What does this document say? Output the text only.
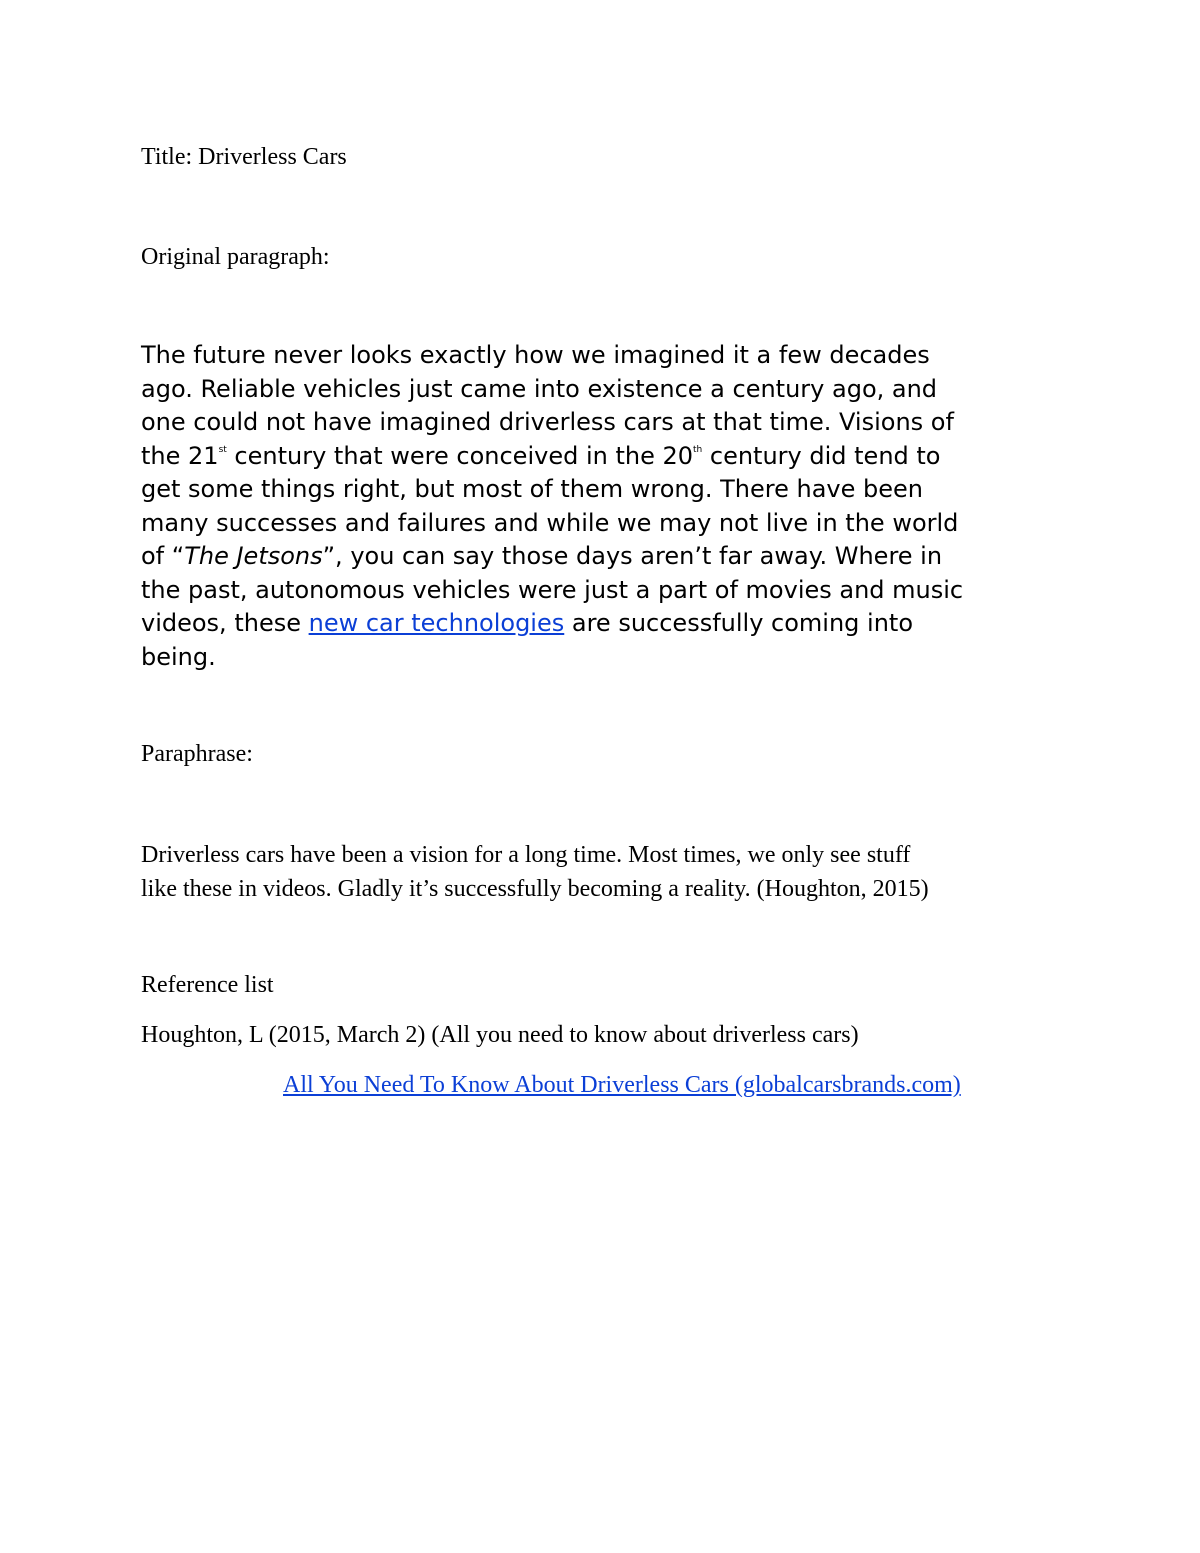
Title: Driverless Cars

Original paragraph:

The future never looks exactly how we imagined it a few decades
ago. Reliable vehicles just came into existence a century ago, and
one could not have imagined driverless cars at that time. Visions of
the 21st century that were conceived in the 20th century did tend to
get some things right, but most of them wrong. There have been
many successes and failures and while we may not live in the world
of “The Jetsons”, you can say those days aren’t far away. Where in
the past, autonomous vehicles were just a part of movies and music
videos, these new car technologies are successfully coming into
being.

Paraphrase:

Driverless cars have been a vision for a long time. Most times, we only see stuff
like these in videos. Gladly it’s successfully becoming a reality. (Houghton, 2015)

Reference list

Houghton, L (2015, March 2) (All you need to know about driverless cars)

All You Need To Know About Driverless Cars (globalcarsbrands.com)
